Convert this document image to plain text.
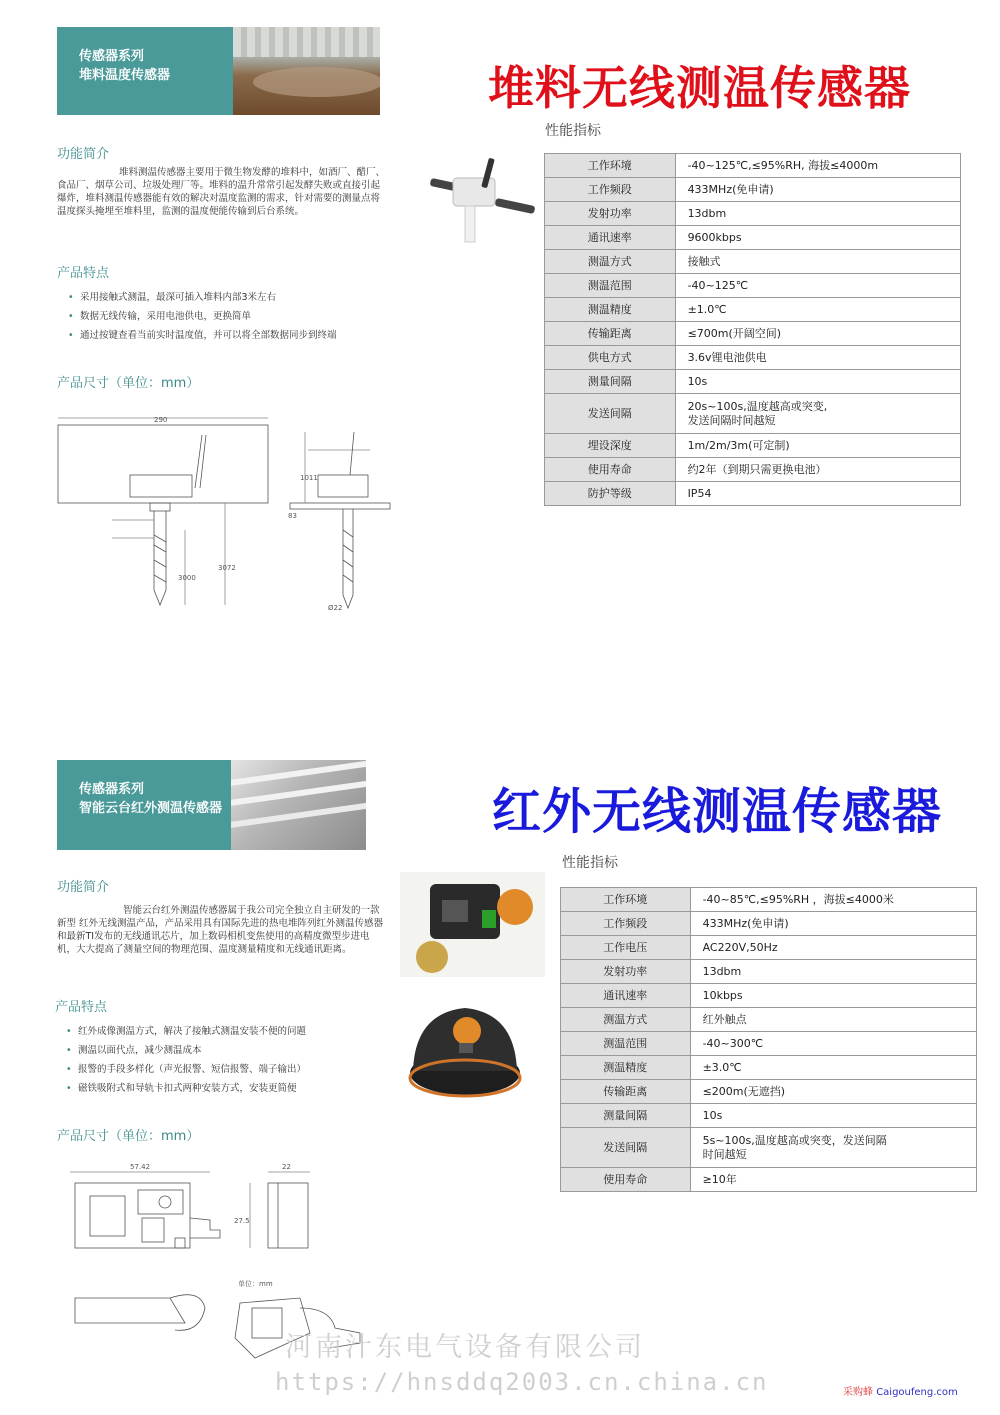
传感器系列
堆料温度传感器	堆料无线测温传感器
功能简介
堆料测温传感器主要用于微生物发酵的堆料中，如酒厂、醋厂、食品厂、烟草公司、垃圾处理厂等。堆料的温升常常引起发酵失败或直接引起爆炸，堆料测温传感器能有效的解决对温度监测的需求，针对需要的测量点将温度探头掩埋至堆料里，监测的温度便能传输到后台系统。
产品特点
• 采用接触式测温，最深可插入堆料内部3米左右
• 数据无线传输，采用电池供电，更换简单
• 通过按键查看当前实时温度值，并可以将全部数据同步到终端
产品尺寸（单位：mm）
290
1011
3000
3072
83
Ø22
性能指标
工作环境	-40~125℃,≤95%RH, 海拔≤4000m

工作频段	433MHz(免申请)

发射功率	13dbm

通讯速率	9600kbps

测温方式	接触式

测温范围	-40~125℃

测温精度	±1.0℃

传输距离	≤700m(开阔空间)

供电方式	3.6v锂电池供电

测量间隔	10s

发送间隔	20s~100s,温度越高或突变,
发送间隔时间越短

埋设深度	1m/2m/3m(可定制)

使用寿命	约2年（到期只需更换电池）

防护等级	IP54
传感器系列
智能云台红外测温传感器	红外无线测温传感器
功能简介
智能云台红外测温传感器属于我公司完全独立自主研发的一款新型 红外无线测温产品，产品采用具有国际先进的热电堆阵列红外测温传感器和最新TI发布的无线通讯芯片，加上数码相机变焦使用的高精度微型步进电机，大大提高了测量空间的物理范围、温度测量精度和无线通讯距离。
产品特点
• 红外成像测温方式，解决了接触式测温安装不便的问题
• 测温以面代点，减少测温成本
• 报警的手段多样化（声光报警、短信报警、端子输出）
• 磁铁吸附式和导轨卡扣式两种安装方式，安装更简便
产品尺寸（单位：mm）
57.42	22
27.5
单位：mm
性能指标
工作环境	-40~85℃,≤95%RH ，海拔≤4000米

工作频段	433MHz(免申请)

工作电压	AC220V,50Hz

发射功率	13dbm

通讯速率	10kbps

测温方式	红外触点

测温范围	-40~300℃

测温精度	±3.0℃

传输距离	≤200m(无遮挡)

测量间隔	10s

发送间隔	5s~100s,温度越高或突变，发送间隔
时间越短

使用寿命	≥10年
河南汁东电气设备有限公司
https://hnsddq2003.cn.china.cn	采购蜂 Caigoufeng.com
